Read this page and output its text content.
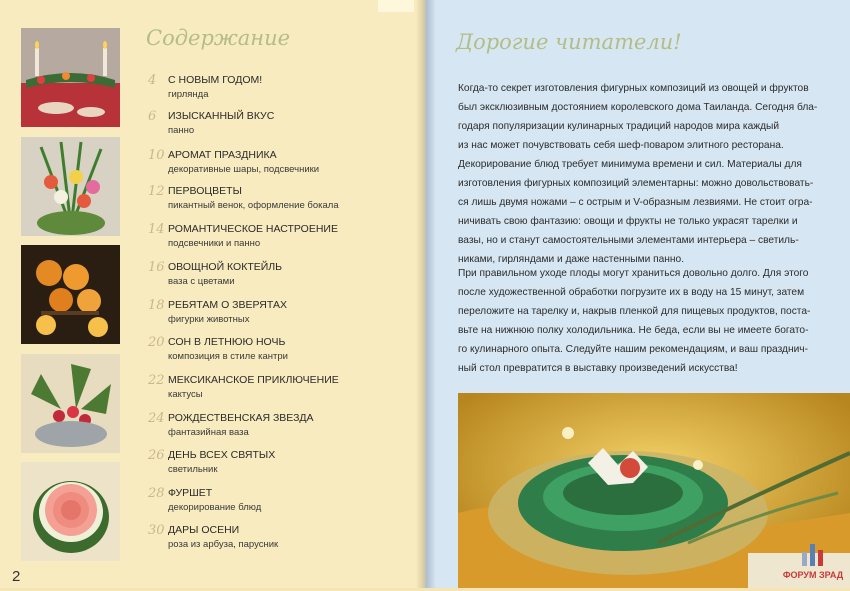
Содержание
4 С НОВЫМ ГОДОМ!
гирлянда
6 ИЗЫСКАННЫЙ ВКУС
панно
10 АРОМАТ ПРАЗДНИКА
декоративные шары, подсвечники
12 ПЕРВОЦВЕТЫ
пикантный венок, оформление бокала
14 РОМАНТИЧЕСКОЕ НАСТРОЕНИЕ
подсвечники и панно
16 ОВОЩНОЙ КОКТЕЙЛЬ
ваза с цветами
18 РЕБЯТАМ О ЗВЕРЯТАХ
фигурки животных
20 СОН В ЛЕТНЮЮ НОЧЬ
композиция в стиле кантри
22 МЕКСИКАНСКОЕ ПРИКЛЮЧЕНИЕ
кактусы
24 РОЖДЕСТВЕНСКАЯ ЗВЕЗДА
фантазийная ваза
26 ДЕНЬ ВСЕХ СВЯТЫХ
светильник
28 ФУРШЕТ
декорирование блюд
30 ДАРЫ ОСЕНИ
роза из арбуза, парусник
2
Дорогие читатели!
Когда-то секрет изготовления фигурных композиций из овощей и фруктов
был эксклюзивным достоянием королевского дома Таиланда. Сегодня бла-
годаря популяризации кулинарных традиций народов мира каждый
из нас может почувствовать себя шеф-поваром элитного ресторана.
Декорирование блюд требует минимума времени и сил. Материалы для
изготовления фигурных композиций элементарны: можно довольствовать-
ся лишь двумя ножами – с острым и V-образным лезвиями. Не стоит огра-
ничивать свою фантазию: овощи и фрукты не только украсят тарелки и
вазы, но и станут самостоятельными элементами интерьера – светиль-
никами, гирляндами и даже настенными панно.
При правильном уходе плоды могут храниться довольно долго. Для этого
после художественной обработки погрузите их в воду на 15 минут, затем
переложите на тарелку и, накрыв пленкой для пищевых продуктов, поста-
вьте на нижнюю полку холодильника. Не беда, если вы не имеете богато-
го кулинарного опыта. Следуйте нашим рекомендациям, и ваш празднич-
ный стол превратится в выставку произведений искусства!
ФОРУМ ЗРАД
